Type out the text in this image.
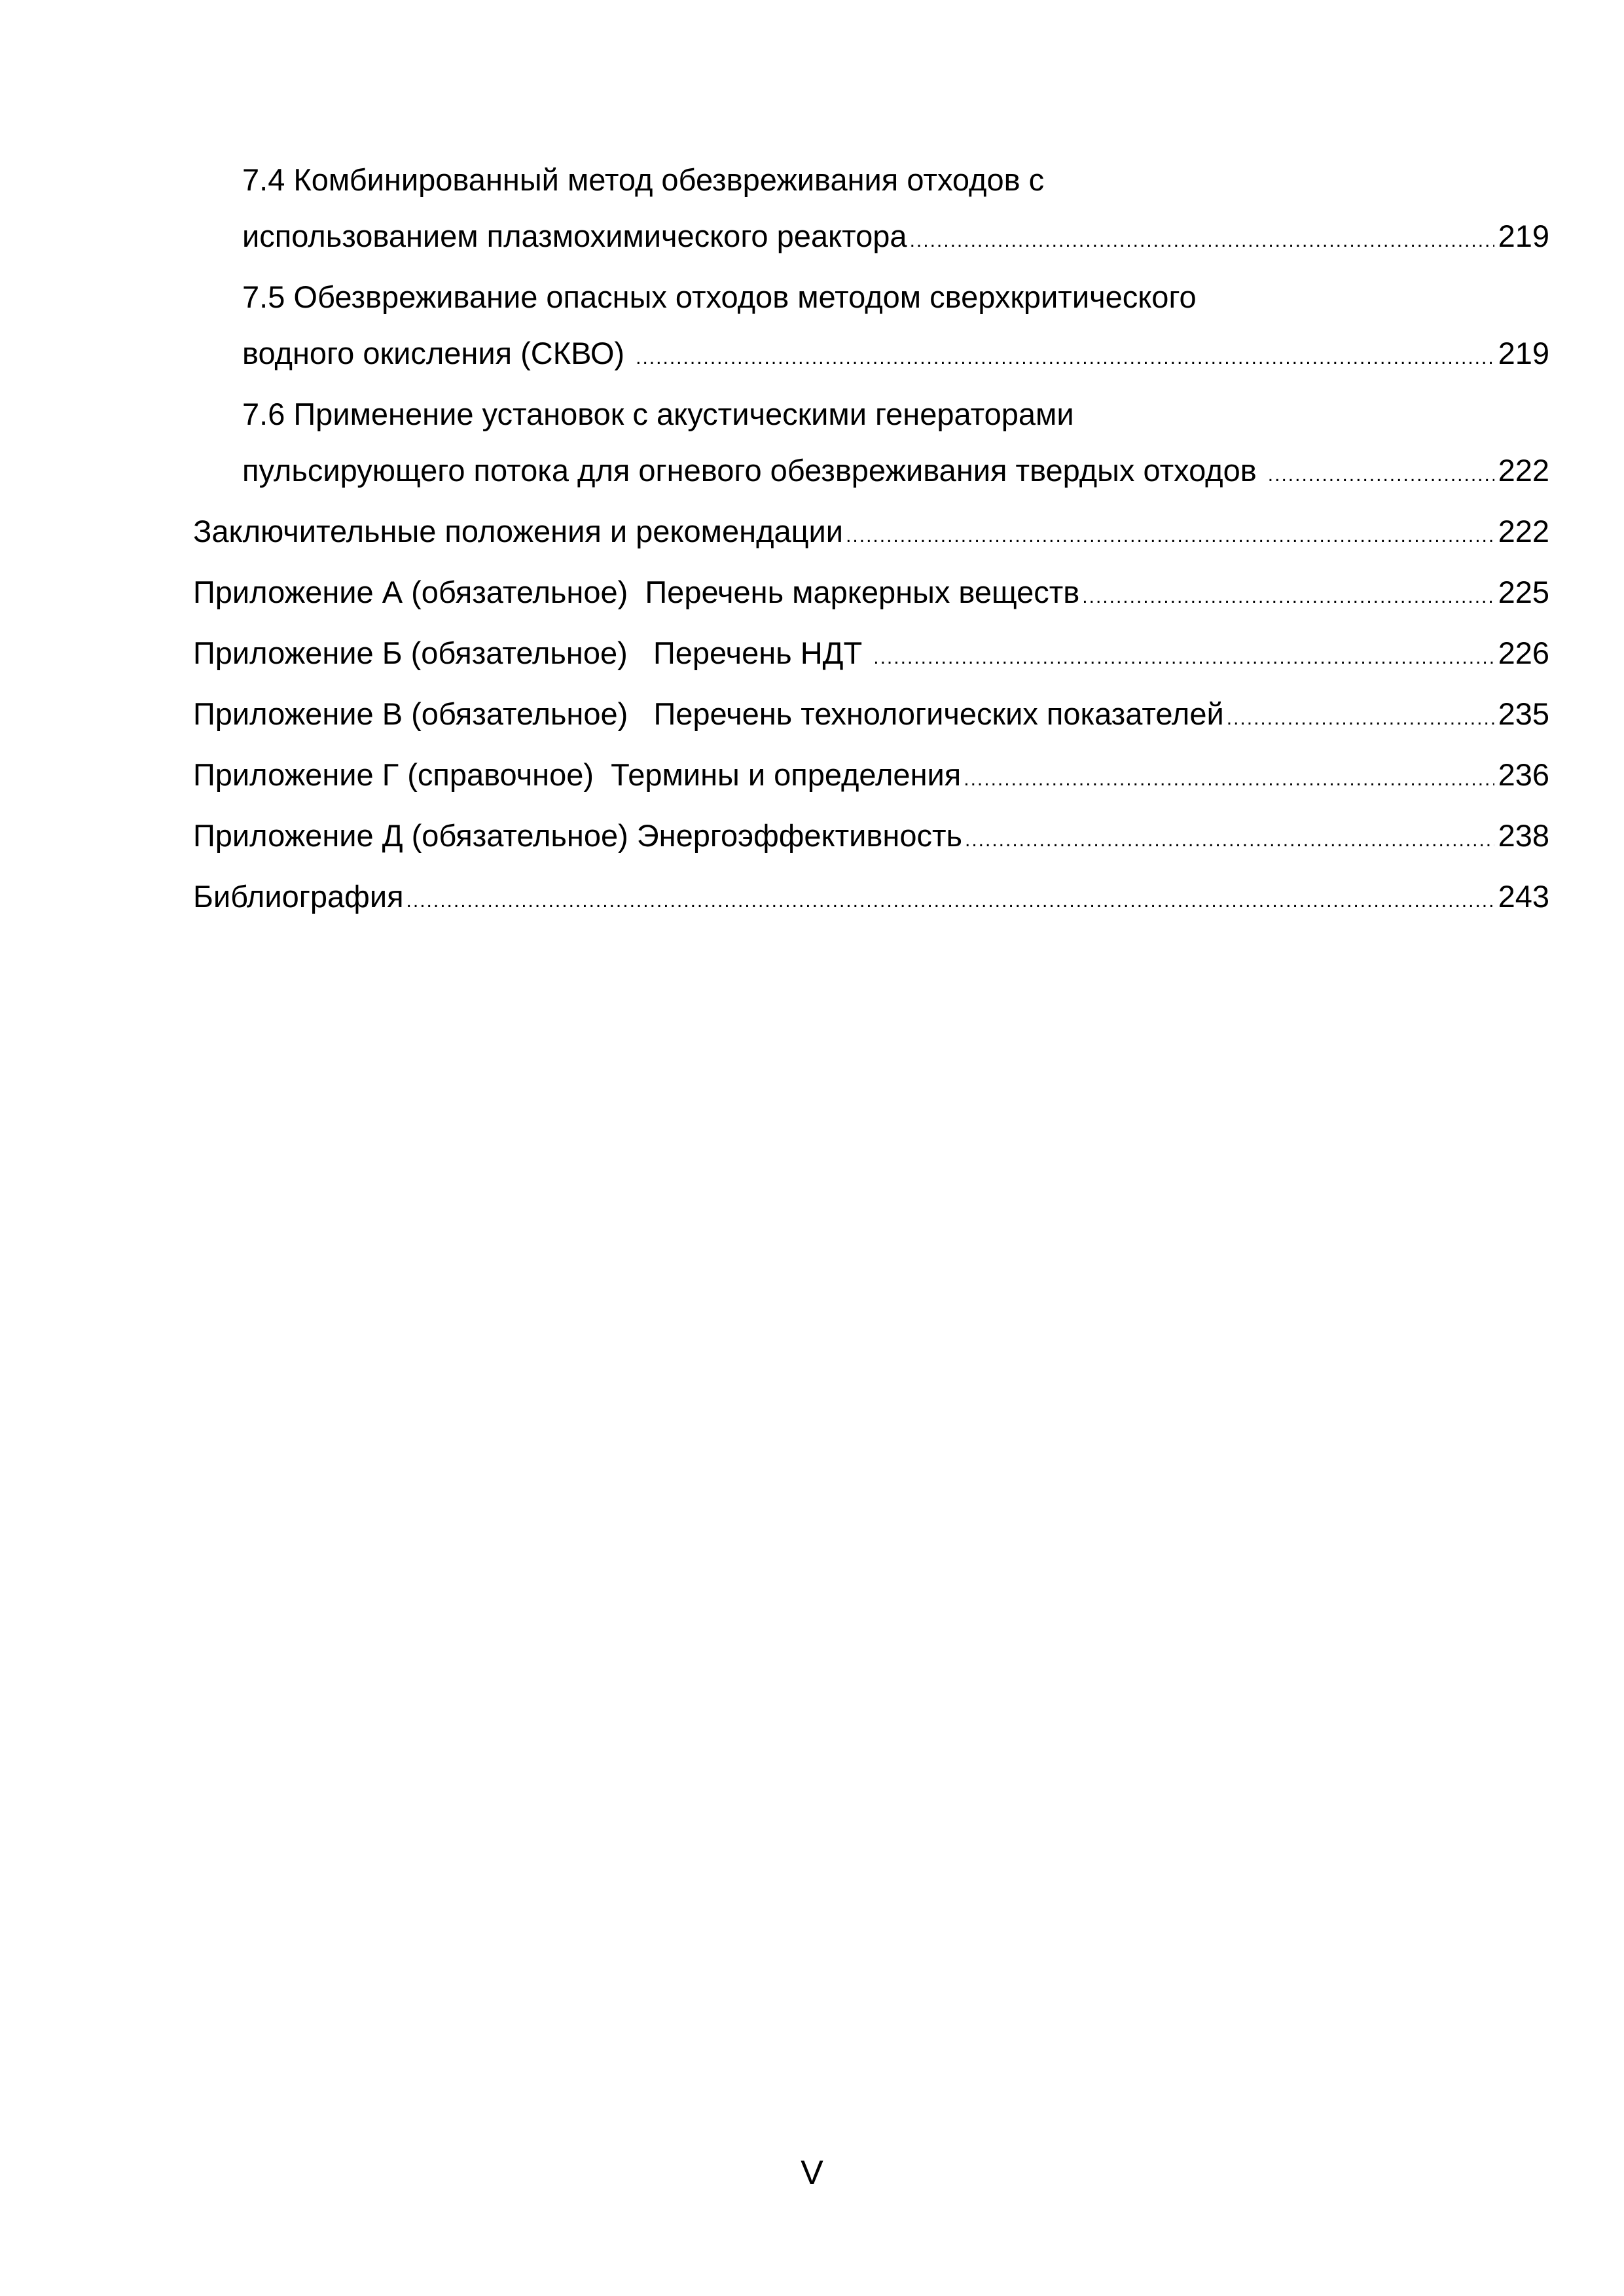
7.4 Комбинированный метод обезвреживания отходов с
использованием плазмохимического реактора .....	219
7.5 Обезвреживание опасных отходов методом сверхкритического
водного окисления (СКВО) .....	219
7.6 Применение установок с акустическими генераторами
пульсирующего потока для огневого обезвреживания твердых отходов .....	222
Заключительные положения и рекомендации .....	222
Приложение А (обязательное)  Перечень маркерных веществ .....	225
Приложение Б (обязательное)   Перечень НДТ .....	226
Приложение В (обязательное)   Перечень технологических показателей .....	235
Приложение Г (справочное)  Термины и определения .....	236
Приложение Д (обязательное) Энергоэффективность .....	238
Библиография .....	243
V
